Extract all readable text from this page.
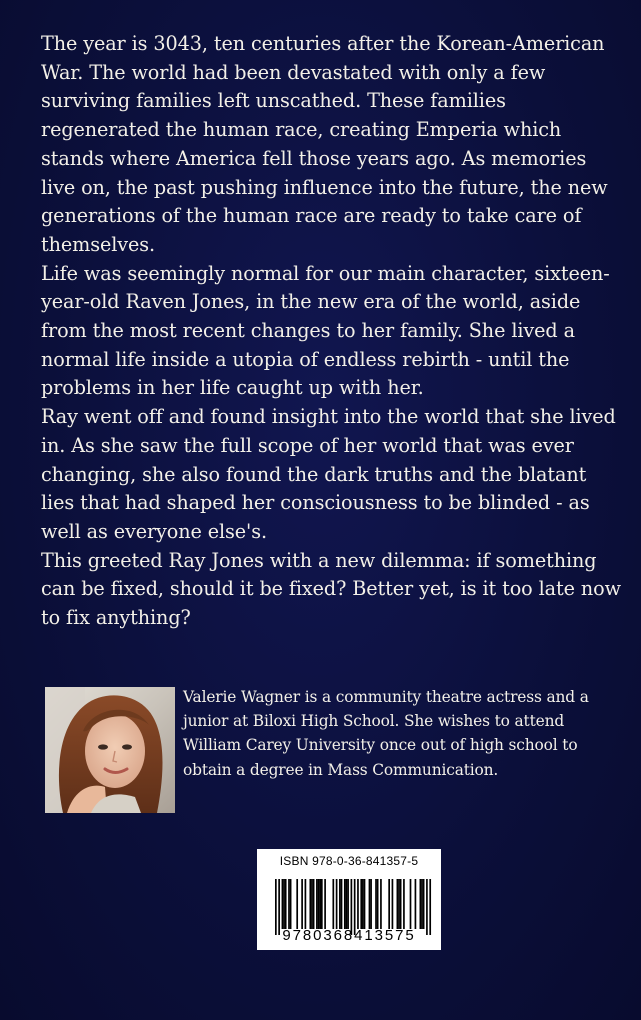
The year is 3043, ten centuries after the Korean-American War. The world had been devastated with only a few surviving families left unscathed. These families regenerated the human race, creating Emperia which stands where America fell those years ago. As memories live on, the past pushing influence into the future, the new generations of the human race are ready to take care of themselves.

Life was seemingly normal for our main character, sixteen-year-old Raven Jones, in the new era of the world, aside from the most recent changes to her family. She lived a normal life inside a utopia of endless rebirth - until the problems in her life caught up with her.

Ray went off and found insight into the world that she lived in. As she saw the full scope of her world that was ever changing, she also found the dark truths and the blatant lies that had shaped her consciousness to be blinded - as well as everyone else's.

This greeted Ray Jones with a new dilemma: if something can be fixed, should it be fixed? Better yet, is it too late now to fix anything?

Valerie Wagner is a community theatre actress and a junior at Biloxi High School. She wishes to attend William Carey University once out of high school to obtain a degree in Mass Communication.
ISBN 978-0-36-841357-5
9780368413575
